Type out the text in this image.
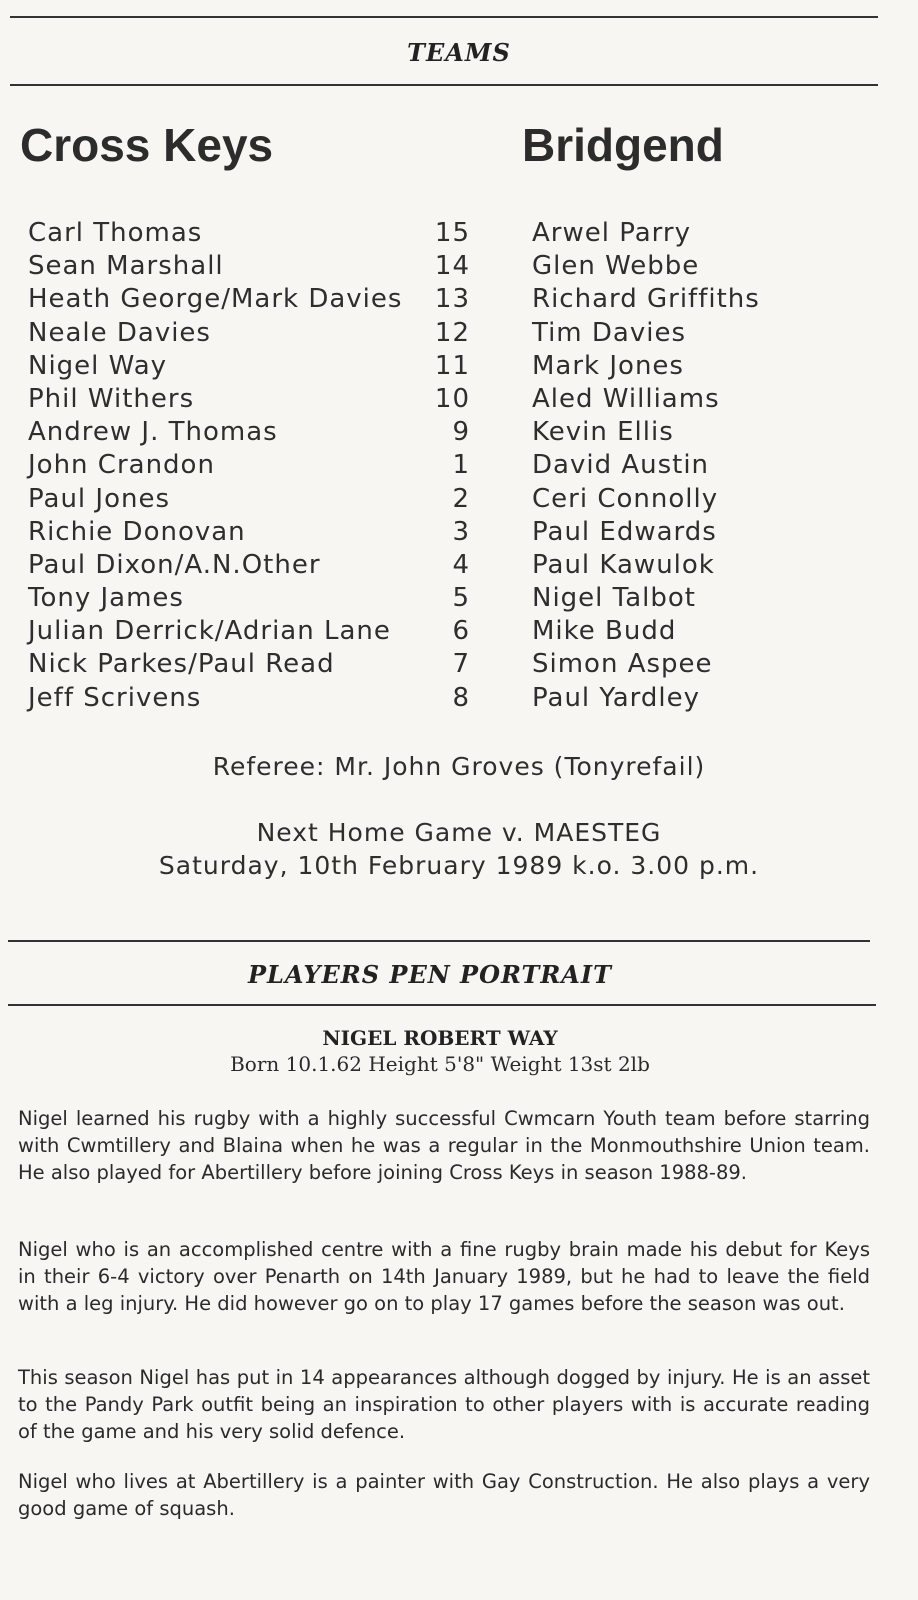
TEAMS
Cross Keys	Bridgend
Carl Thomas	15 Arwel Parry
Sean Marshall	14 Glen Webbe
Heath George/Mark Davies	13 Richard Griffiths
Neale Davies	12 Tim Davies
Nigel Way	11 Mark Jones
Phil Withers	10 Aled Williams
Andrew J. Thomas	9 Kevin Ellis
John Crandon	1 David Austin
Paul Jones	2 Ceri Connolly
Richie Donovan	3 Paul Edwards
Paul Dixon/A.N.Other	4 Paul Kawulok
Tony James	5 Nigel Talbot
Julian Derrick/Adrian Lane	6 Mike Budd
Nick Parkes/Paul Read	7 Simon Aspee
Jeff Scrivens	8 Paul Yardley
Referee: Mr. John Groves (Tonyrefail)
Next Home Game v. MAESTEG
Saturday, 10th February 1989 k.o. 3.00 p.m.
PLAYERS PEN PORTRAIT
NIGEL ROBERT WAY
Born 10.1.62 Height 5'8" Weight 13st 2lb

Nigel learned his rugby with a highly successful Cwmcarn Youth team before starring with Cwmtillery and Blaina when he was a regular in the Monmouthshire Union team. He also played for Abertillery before joining Cross Keys in season 1988-89.

Nigel who is an accomplished centre with a fine rugby brain made his debut for Keys in their 6-4 victory over Penarth on 14th January 1989, but he had to leave the field with a leg injury. He did however go on to play 17 games before the season was out.

This season Nigel has put in 14 appearances although dogged by injury. He is an asset to the Pandy Park outfit being an inspiration to other players with is accurate reading of the game and his very solid defence.

Nigel who lives at Abertillery is a painter with Gay Construction. He also plays a very good game of squash.
